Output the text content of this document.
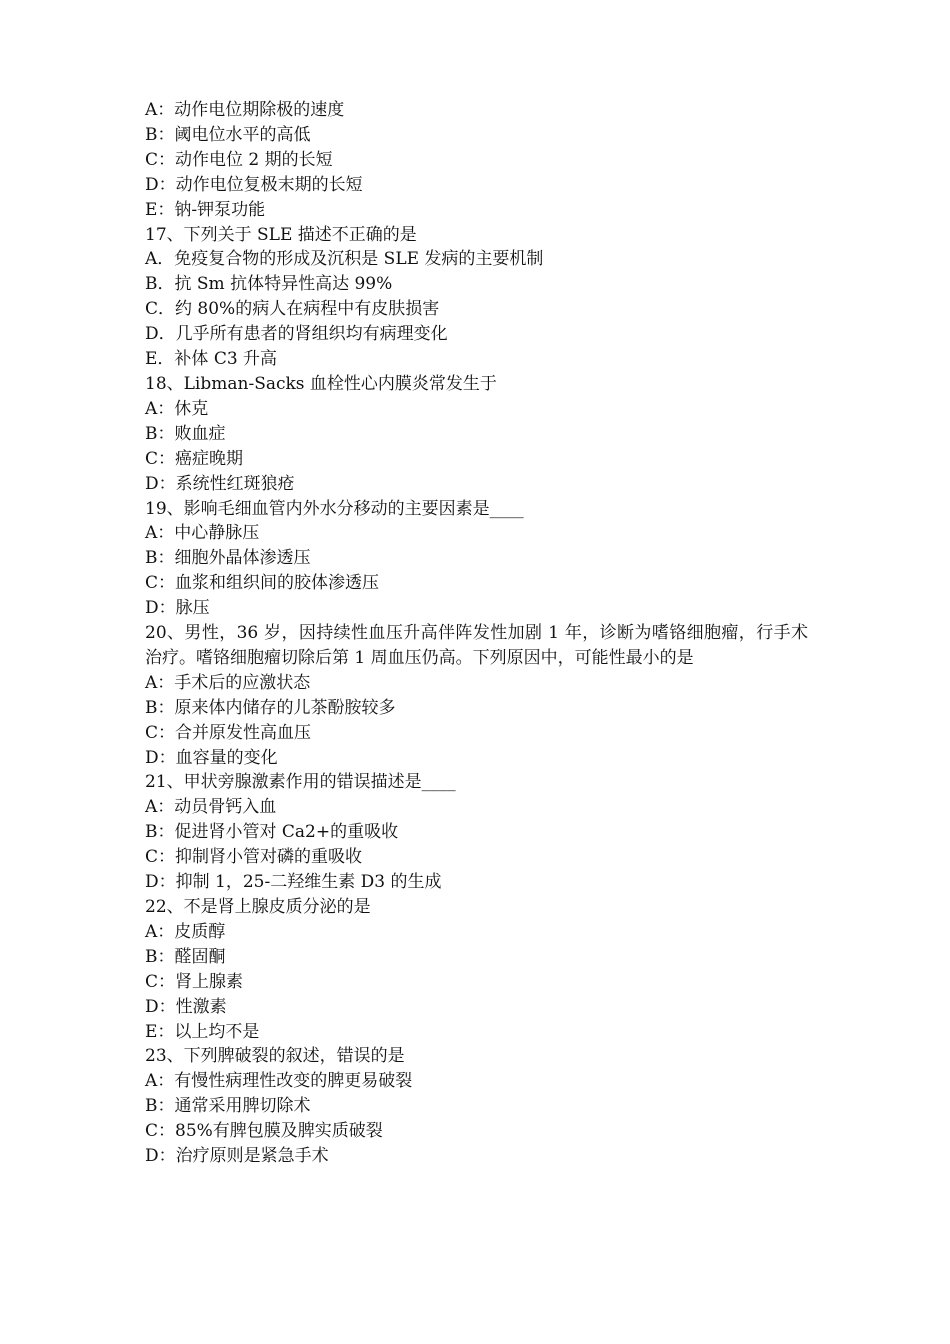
A：动作电位期除极的速度
B：阈电位水平的高低
C：动作电位 2 期的长短
D：动作电位复极末期的长短
E：钠-钾泵功能
17、下列关于 SLE 描述不正确的是
A．免疫复合物的形成及沉积是 SLE 发病的主要机制
B．抗 Sm 抗体特异性高达 99%
C．约 80%的病人在病程中有皮肤损害
D．几乎所有患者的肾组织均有病理变化
E．补体 C3 升高
18、Libman-Sacks 血栓性心内膜炎常发生于
A：休克
B：败血症
C：癌症晚期
D：系统性红斑狼疮
19、影响毛细血管内外水分移动的主要因素是____
A：中心静脉压
B：细胞外晶体渗透压
C：血浆和组织间的胶体渗透压
D：脉压
20、男性，36 岁，因持续性血压升高伴阵发性加剧 1 年，诊断为嗜铬细胞瘤，行手术治疗。嗜铬细胞瘤切除后第 1 周血压仍高。下列原因中，可能性最小的是
A：手术后的应激状态
B：原来体内储存的儿茶酚胺较多
C：合并原发性高血压
D：血容量的变化
21、甲状旁腺激素作用的错误描述是____
A：动员骨钙入血
B：促进肾小管对 Ca2+的重吸收
C：抑制肾小管对磷的重吸收
D：抑制 1，25-二羟维生素 D3 的生成
22、不是肾上腺皮质分泌的是
A：皮质醇
B：醛固酮
C：肾上腺素
D：性激素
E：以上均不是
23、下列脾破裂的叙述，错误的是
A：有慢性病理性改变的脾更易破裂
B：通常采用脾切除术
C：85%有脾包膜及脾实质破裂
D：治疗原则是紧急手术
